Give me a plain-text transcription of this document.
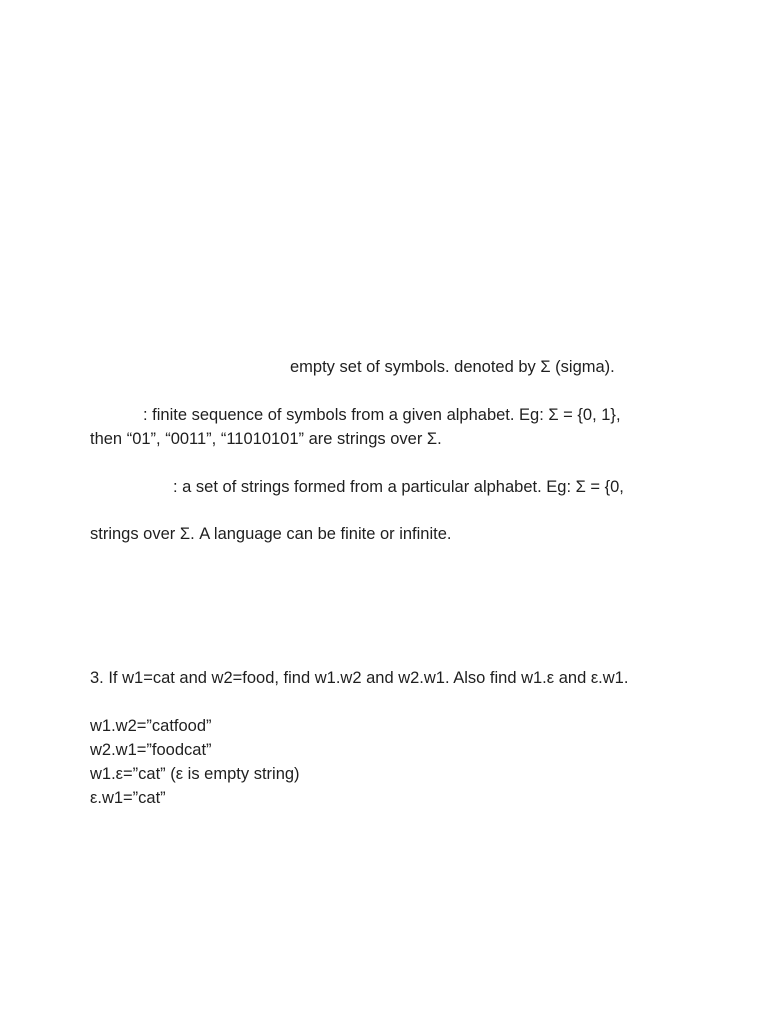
empty set of symbols. denoted by Σ (sigma).
: finite sequence of symbols from a given alphabet. Eg: Σ = {0, 1},
then “01”, “0011”, “11010101” are strings over Σ.
: a set of strings formed from a particular alphabet. Eg: Σ = {0,
strings over Σ. A language can be finite or infinite.
3. If w1=cat and w2=food, find w1.w2 and w2.w1. Also find w1.ε and ε.w1.
w1.w2=”catfood”
w2.w1=”foodcat”
w1.ε=”cat” (ε is empty string)
ε.w1=”cat”
